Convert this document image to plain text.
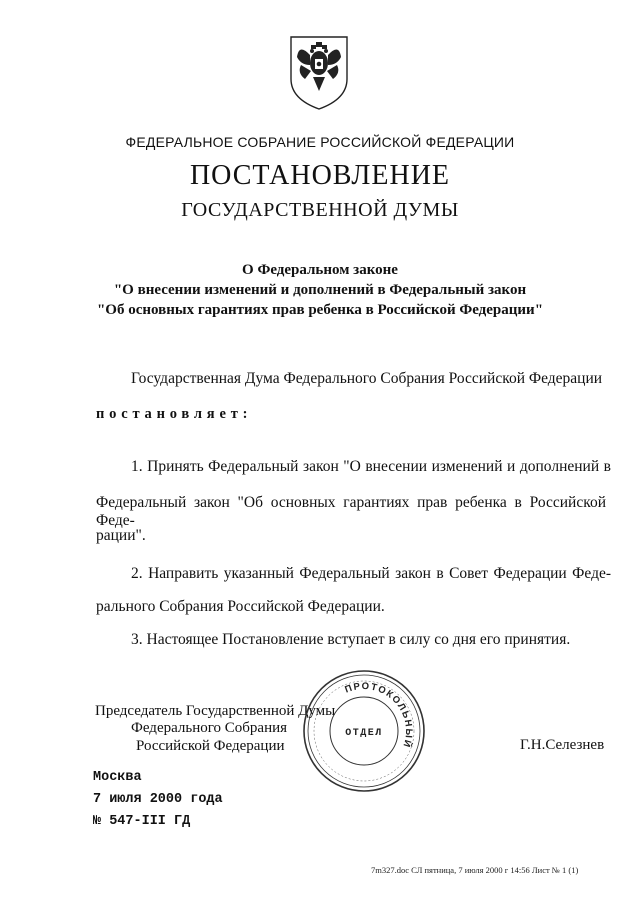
ФЕДЕРАЛЬНОЕ СОБРАНИЕ РОССИЙСКОЙ ФЕДЕРАЦИИ
ПОСТАНОВЛЕНИЕ
ГОСУДАРСТВЕННОЙ ДУМЫ
О Федеральном законе
"О внесении изменений и дополнений в Федеральный закон
"Об основных гарантиях прав ребенка в Российской Федерации"
Государственная Дума Федерального Собрания Российской Федерации
постановляет:
1. Принять Федеральный закон "О внесении изменений и дополнений в
Федеральный закон "Об основных гарантиях прав ребенка в Российской Феде-
рации".
2. Направить указанный Федеральный закон в Совет Федерации Феде-
рального Собрания Российской Федерации.
3. Настоящее Постановление вступает в силу со дня его принятия.
Председатель Государственной Думы
Федерального Собрания
Российской Федерации	Г.Н.Селезнев
ПРОТОКОЛЬНЫЙ
ОТДЕЛ
Москва
7 июля 2000 года
№ 547-III ГД
7m327.doc СЛ пятница, 7 июля 2000 г 14:56 Лист № 1 (1)
